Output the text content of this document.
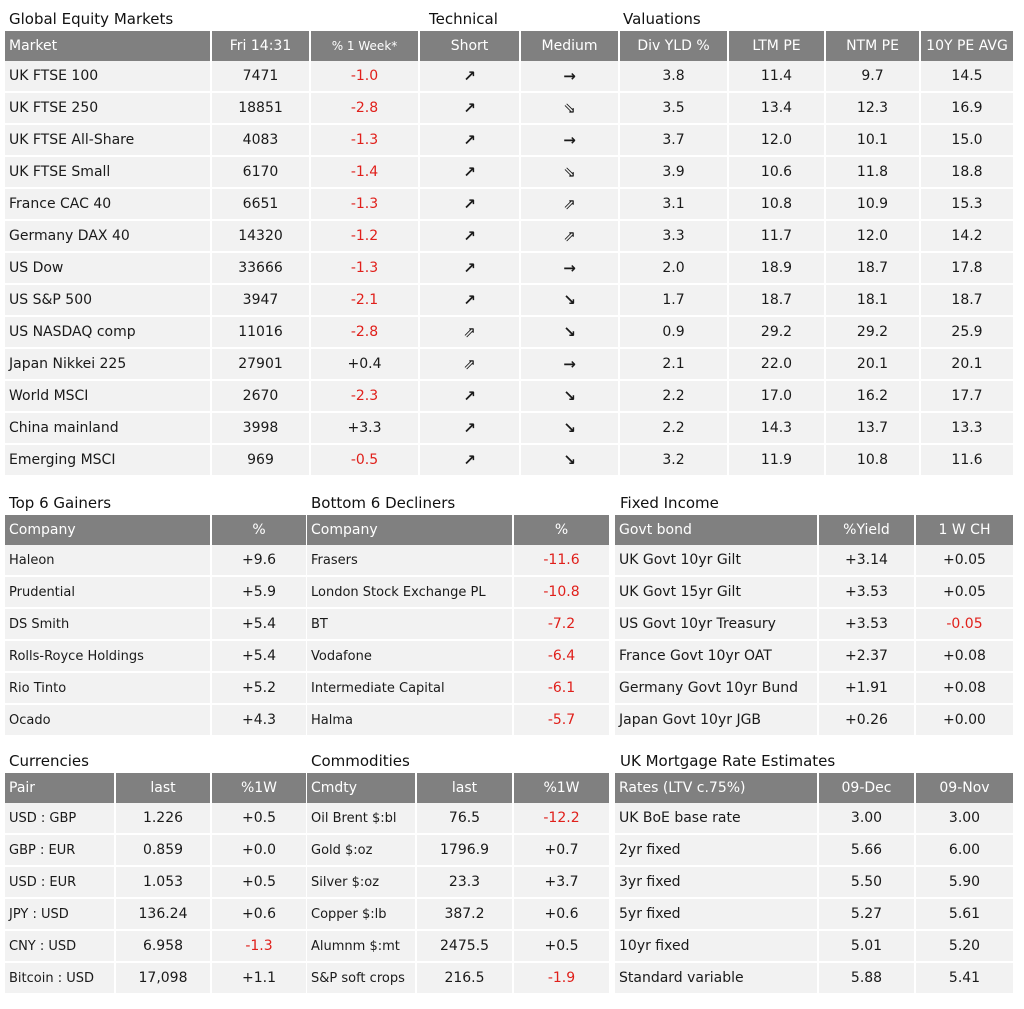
Global Equity Markets	Technical	Valuations
Market	Fri 14:31	% 1 Week*	Short	Medium	Div YLD %	LTM PE	NTM PE	10Y PE AVG
UK FTSE 100	7471	-1.0	↗	→	3.8	11.4	9.7	14.5
UK FTSE 250	18851	-2.8	↗	⇘	3.5	13.4	12.3	16.9
UK FTSE All-Share	4083	-1.3	↗	→	3.7	12.0	10.1	15.0
UK FTSE Small	6170	-1.4	↗	⇘	3.9	10.6	11.8	18.8
France CAC 40	6651	-1.3	↗	⇗	3.1	10.8	10.9	15.3
Germany DAX 40	14320	-1.2	↗	⇗	3.3	11.7	12.0	14.2
US Dow	33666	-1.3	↗	→	2.0	18.9	18.7	17.8
US S&P 500	3947	-2.1	↗	↘	1.7	18.7	18.1	18.7
US NASDAQ comp	11016	-2.8	⇗	↘	0.9	29.2	29.2	25.9
Japan Nikkei 225	27901	+0.4	⇗	→	2.1	22.0	20.1	20.1
World MSCI	2670	-2.3	↗	↘	2.2	17.0	16.2	17.7
China mainland	3998	+3.3	↗	↘	2.2	14.3	13.7	13.3
Emerging MSCI	969	-0.5	↗	↘	3.2	11.9	10.8	11.6
Top 6 Gainers
Company	%
Haleon	+9.6
Prudential	+5.9
DS Smith	+5.4
Rolls-Royce Holdings	+5.4
Rio Tinto	+5.2
Ocado	+4.3
Bottom 6 Decliners
Company	%
Frasers	-11.6
London Stock Exchange PL	-10.8
BT	-7.2
Vodafone	-6.4
Intermediate Capital	-6.1
Halma	-5.7
Fixed Income
Govt bond	%Yield	1 W CH
UK Govt 10yr Gilt	+3.14	+0.05
UK Govt 15yr Gilt	+3.53	+0.05
US Govt 10yr Treasury	+3.53	-0.05
France Govt 10yr OAT	+2.37	+0.08
Germany Govt 10yr Bund	+1.91	+0.08
Japan Govt 10yr JGB	+0.26	+0.00
Currencies
Pair	last	%1W
USD : GBP	1.226	+0.5
GBP : EUR	0.859	+0.0
USD : EUR	1.053	+0.5
JPY : USD	136.24	+0.6
CNY : USD	6.958	-1.3
Bitcoin : USD	17,098	+1.1
Commodities
Cmdty	last	%1W
Oil Brent $:bl	76.5	-12.2
Gold $:oz	1796.9	+0.7
Silver $:oz	23.3	+3.7
Copper $:lb	387.2	+0.6
Alumnm $:mt	2475.5	+0.5
S&P soft crops	216.5	-1.9
UK Mortgage Rate Estimates
Rates (LTV c.75%)	09-Dec	09-Nov
UK BoE base rate	3.00	3.00
2yr fixed	5.66	6.00
3yr fixed	5.50	5.90
5yr fixed	5.27	5.61
10yr fixed	5.01	5.20
Standard variable	5.88	5.41
